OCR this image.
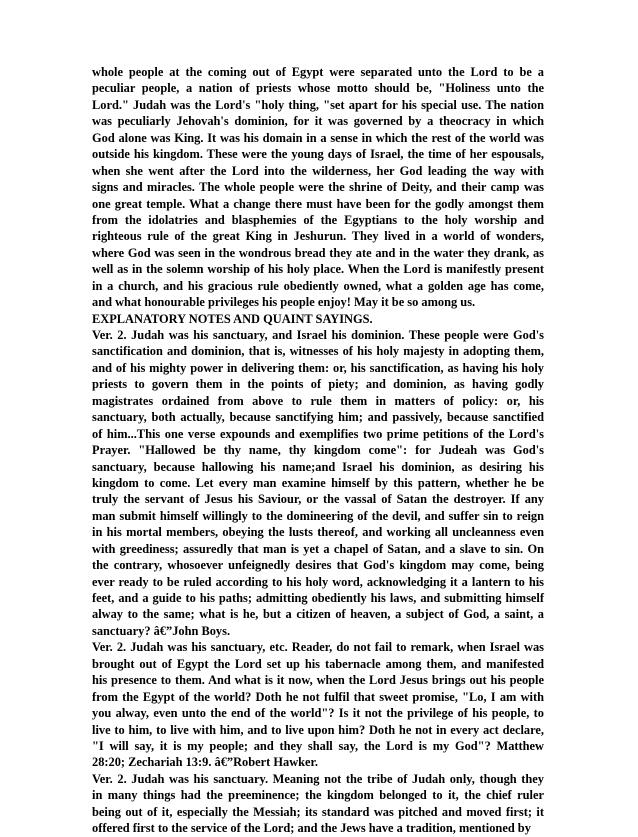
whole people at the coming out of Egypt were separated unto the Lord to be a
peculiar people, a nation of priests whose motto should be, "Holiness unto the
Lord." Judah was the Lord's "holy thing, "set apart for his special use. The nation
was peculiarly Jehovah's dominion, for it was governed by a theocracy in which
God alone was King. It was his domain in a sense in which the rest of the world was
outside his kingdom. These were the young days of Israel, the time of her espousals,
when she went after the Lord into the wilderness, her God leading the way with
signs and miracles. The whole people were the shrine of Deity, and their camp was
one great temple. What a change there must have been for the godly amongst them
from the idolatries and blasphemies of the Egyptians to the holy worship and
righteous rule of the great King in Jeshurun. They lived in a world of wonders,
where God was seen in the wondrous bread they ate and in the water they drank, as
well as in the solemn worship of his holy place. When the Lord is manifestly present
in a church, and his gracious rule obediently owned, what a golden age has come,
and what honourable privileges his people enjoy! May it be so among us.
EXPLANATORY NOTES AND QUAINT SAYINGS.
Ver. 2. Judah was his sanctuary, and Israel his dominion. These people were God's
sanctification and dominion, that is, witnesses of his holy majesty in adopting them,
and of his mighty power in delivering them: or, his sanctification, as having his holy
priests to govern them in the points of piety; and dominion, as having godly
magistrates ordained from above to rule them in matters of policy: or, his
sanctuary, both actually, because sanctifying him; and passively, because sanctified
of him...This one verse expounds and exemplifies two prime petitions of the Lord's
Prayer. "Hallowed be thy name, thy kingdom come": for Judeah was God's
sanctuary, because hallowing his name;and Israel his dominion, as desiring his
kingdom to come. Let every man examine himself by this pattern, whether he be
truly the servant of Jesus his Saviour, or the vassal of Satan the destroyer. If any
man submit himself willingly to the domineering of the devil, and suffer sin to reign
in his mortal members, obeying the lusts thereof, and working all uncleanness even
with greediness; assuredly that man is yet a chapel of Satan, and a slave to sin. On
the contrary, whosoever unfeignedly desires that God's kingdom may come, being
ever ready to be ruled according to his holy word, acknowledging it a lantern to his
feet, and a guide to his paths; admitting obediently his laws, and submitting himself
alway to the same; what is he, but a citizen of heaven, a subject of God, a saint, a
sanctuary? â€”John Boys.
Ver. 2. Judah was his sanctuary, etc. Reader, do not fail to remark, when Israel was
brought out of Egypt the Lord set up his tabernacle among them, and manifested
his presence to them. And what is it now, when the Lord Jesus brings out his people
from the Egypt of the world? Doth he not fulfil that sweet promise, "Lo, I am with
you alway, even unto the end of the world"? Is it not the privilege of his people, to
live to him, to live with him, and to live upon him? Doth he not in every act declare,
"I will say, it is my people; and they shall say, the Lord is my God"? Matthew
28:20; Zechariah 13:9. â€”Robert Hawker.
Ver. 2. Judah was his sanctuary. Meaning not the tribe of Judah only, though they
in many things had the preeminence; the kingdom belonged to it, the chief ruler
being out of it, especially the Messiah; its standard was pitched and moved first; it
offered first to the service of the Lord; and the Jews have a tradition, mentioned by
